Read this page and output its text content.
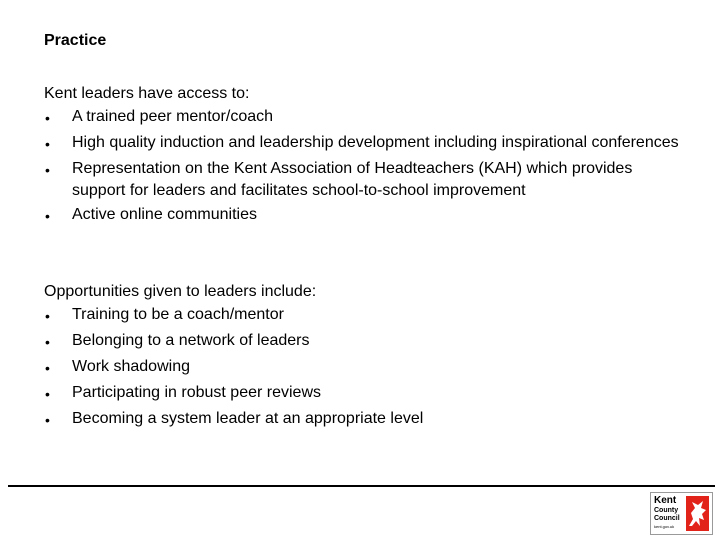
Practice

Kent leaders have access to:

•	A trained peer mentor/coach
•	High quality induction and leadership development including inspirational conferences
•	Representation on the Kent Association of Headteachers (KAH) which provides support for leaders and facilitates school-to-school improvement
•	Active online communities

Opportunities given to leaders include:

•	Training to be a coach/mentor
•	Belonging to a network of leaders
•	Work shadowing
•	Participating in robust peer reviews
•	Becoming a system leader at an appropriate level
Kent
County
Council
kent.gov.uk
